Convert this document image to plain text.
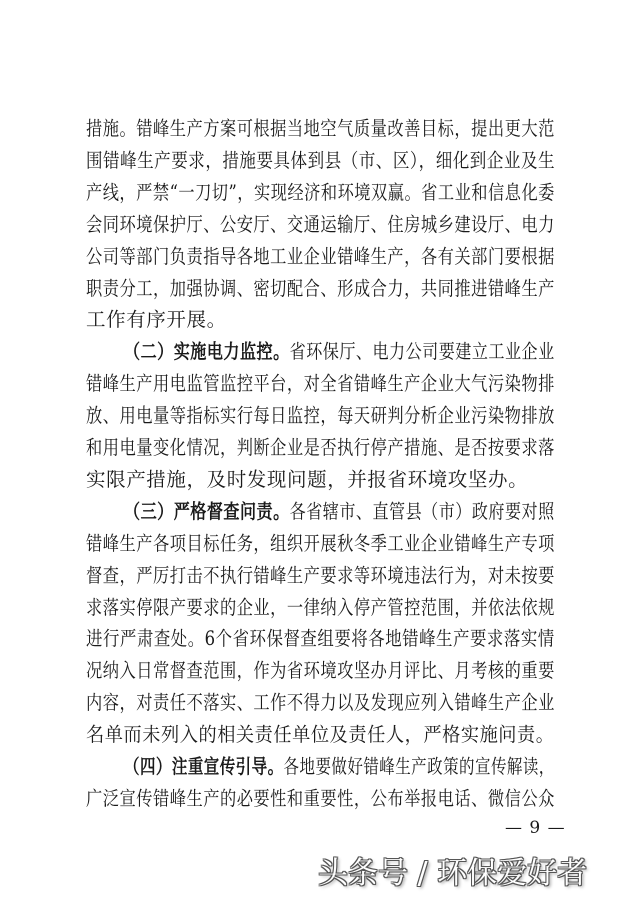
措施。错峰生产方案可根据当地空气质量改善目标，提出更大范
围错峰生产要求，措施要具体到县（市、区），细化到企业及生
产线，严禁“一刀切”，实现经济和环境双赢。省工业和信息化委
会同环境保护厅、公安厅、交通运输厅、住房城乡建设厅、电力
公司等部门负责指导各地工业企业错峰生产，各有关部门要根据
职责分工，加强协调、密切配合、形成合力，共同推进错峰生产
工作有序开展。
（二）实施电力监控。省环保厅、电力公司要建立工业企业
错峰生产用电监管监控平台，对全省错峰生产企业大气污染物排
放、用电量等指标实行每日监控，每天研判分析企业污染物排放
和用电量变化情况，判断企业是否执行停产措施、是否按要求落
实限产措施，及时发现问题，并报省环境攻坚办。
（三）严格督查问责。各省辖市、直管县（市）政府要对照
错峰生产各项目标任务，组织开展秋冬季工业企业错峰生产专项
督查，严厉打击不执行错峰生产要求等环境违法行为，对未按要
求落实停限产要求的企业，一律纳入停产管控范围，并依法依规
进行严肃查处。6个省环保督查组要将各地错峰生产要求落实情
况纳入日常督查范围，作为省环境攻坚办月评比、月考核的重要
内容，对责任不落实、工作不得力以及发现应列入错峰生产企业
名单而未列入的相关责任单位及责任人，严格实施问责。
（四）注重宣传引导。各地要做好错峰生产政策的宣传解读，
广泛宣传错峰生产的必要性和重要性，公布举报电话、微信公众
— 9 —
头条号 / 环保爱好者
